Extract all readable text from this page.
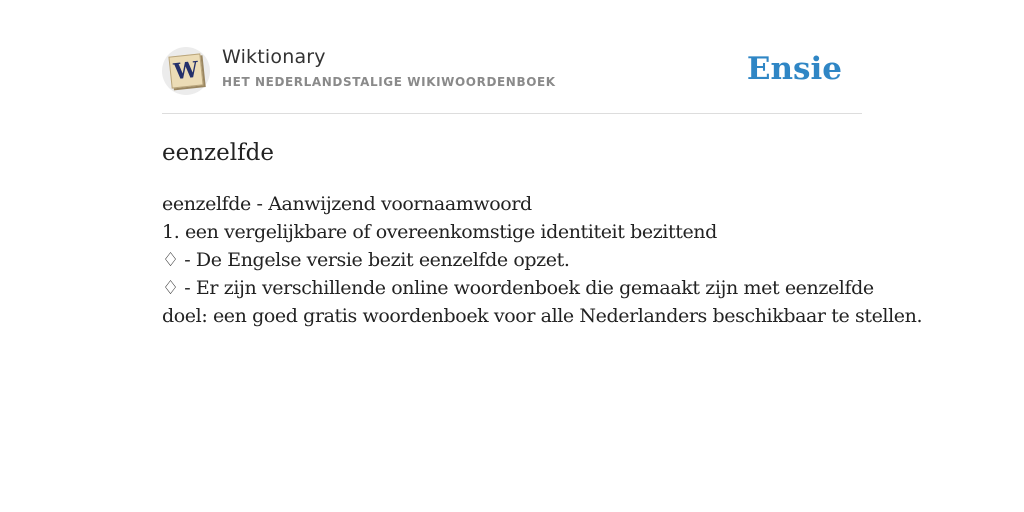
W Wiktionary
HET NEDERLANDSTALIGE WIKIWOORDENBOEK	Ensie
eenzelfde
eenzelfde - Aanwijzend voornaamwoord
1. een vergelijkbare of overeenkomstige identiteit bezittend
♢ - De Engelse versie bezit eenzelfde opzet.
♢ - Er zijn verschillende online woordenboek die gemaakt zijn met eenzelfde
doel: een goed gratis woordenboek voor alle Nederlanders beschikbaar te stellen.
